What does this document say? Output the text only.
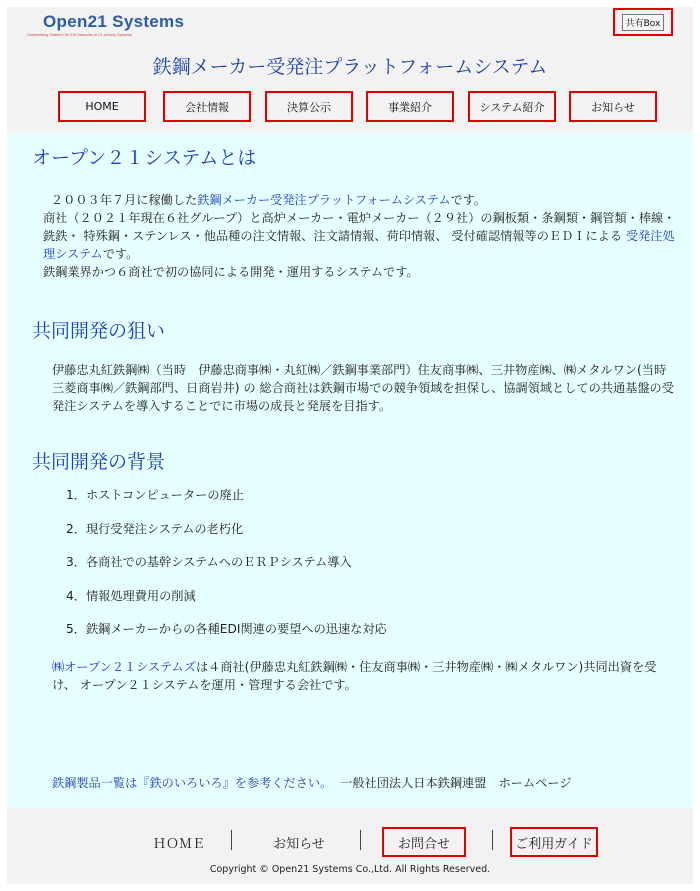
Open21 Systems
Underwriting Platform for EdI Networks of 21 century Systems
共有Box
鉄鋼メーカー受発注プラットフォームシステム
HOME	会社情報	決算公示	事業紹介	システム紹介	お知らせ
オープン２１システムとは

２００３年７月に稼働した鉄鋼メーカー受発注プラットフォームシステムです。

商社（２０２１年現在６社グループ）と高炉メーカー・電炉メーカー（２９社）の鋼板類・条鋼類・鋼管類・棒線・ 銑鉄・ 特殊鋼・ステンレス・他品種の注文情報、注文請情報、荷印情報、 受付確認情報等のＥＤＩによる 受発注処理システムです。

鉄鋼業界かつ６商社で初の協同による開発・運用するシステムです。

共同開発の狙い
伊藤忠丸紅鉄鋼㈱（当時　伊藤忠商事㈱・丸紅㈱／鉄鋼事業部門）住友商事㈱、三井物産㈱、㈱メタルワン(当時　三菱商事㈱／鉄鋼部門、日商岩井) の 総合商社は鉄鋼市場での競争領域を担保し、協調領域としての共通基盤の受発注システムを導入することでに市場の成長と発展を目指す。
共同開発の背景
1．ホストコンピューターの廃止
2．現行受発注システムの老朽化
3．各商社での基幹システムへのＥＲＰシステム導入
4．情報処理費用の削減
5．鉄鋼メーカーからの各種EDI関連の要望への迅速な対応
㈱オープン２１システムズは４商社(伊藤忠丸紅鉄鋼㈱・住友商事㈱・三井物産㈱・㈱メタルワン)共同出資を受け、 オープン２１システムを運用・管理する会社です。
鉄鋼製品一覧は『鉄のいろいろ』を参考ください。 一般社団法人日本鉄鋼連盟　ホームページ
ＨＯＭＥ	お知らせ	お問合せ	ご利用ガイド
Copyright © Open21 Systems Co.,Ltd. All Rights Reserved.
